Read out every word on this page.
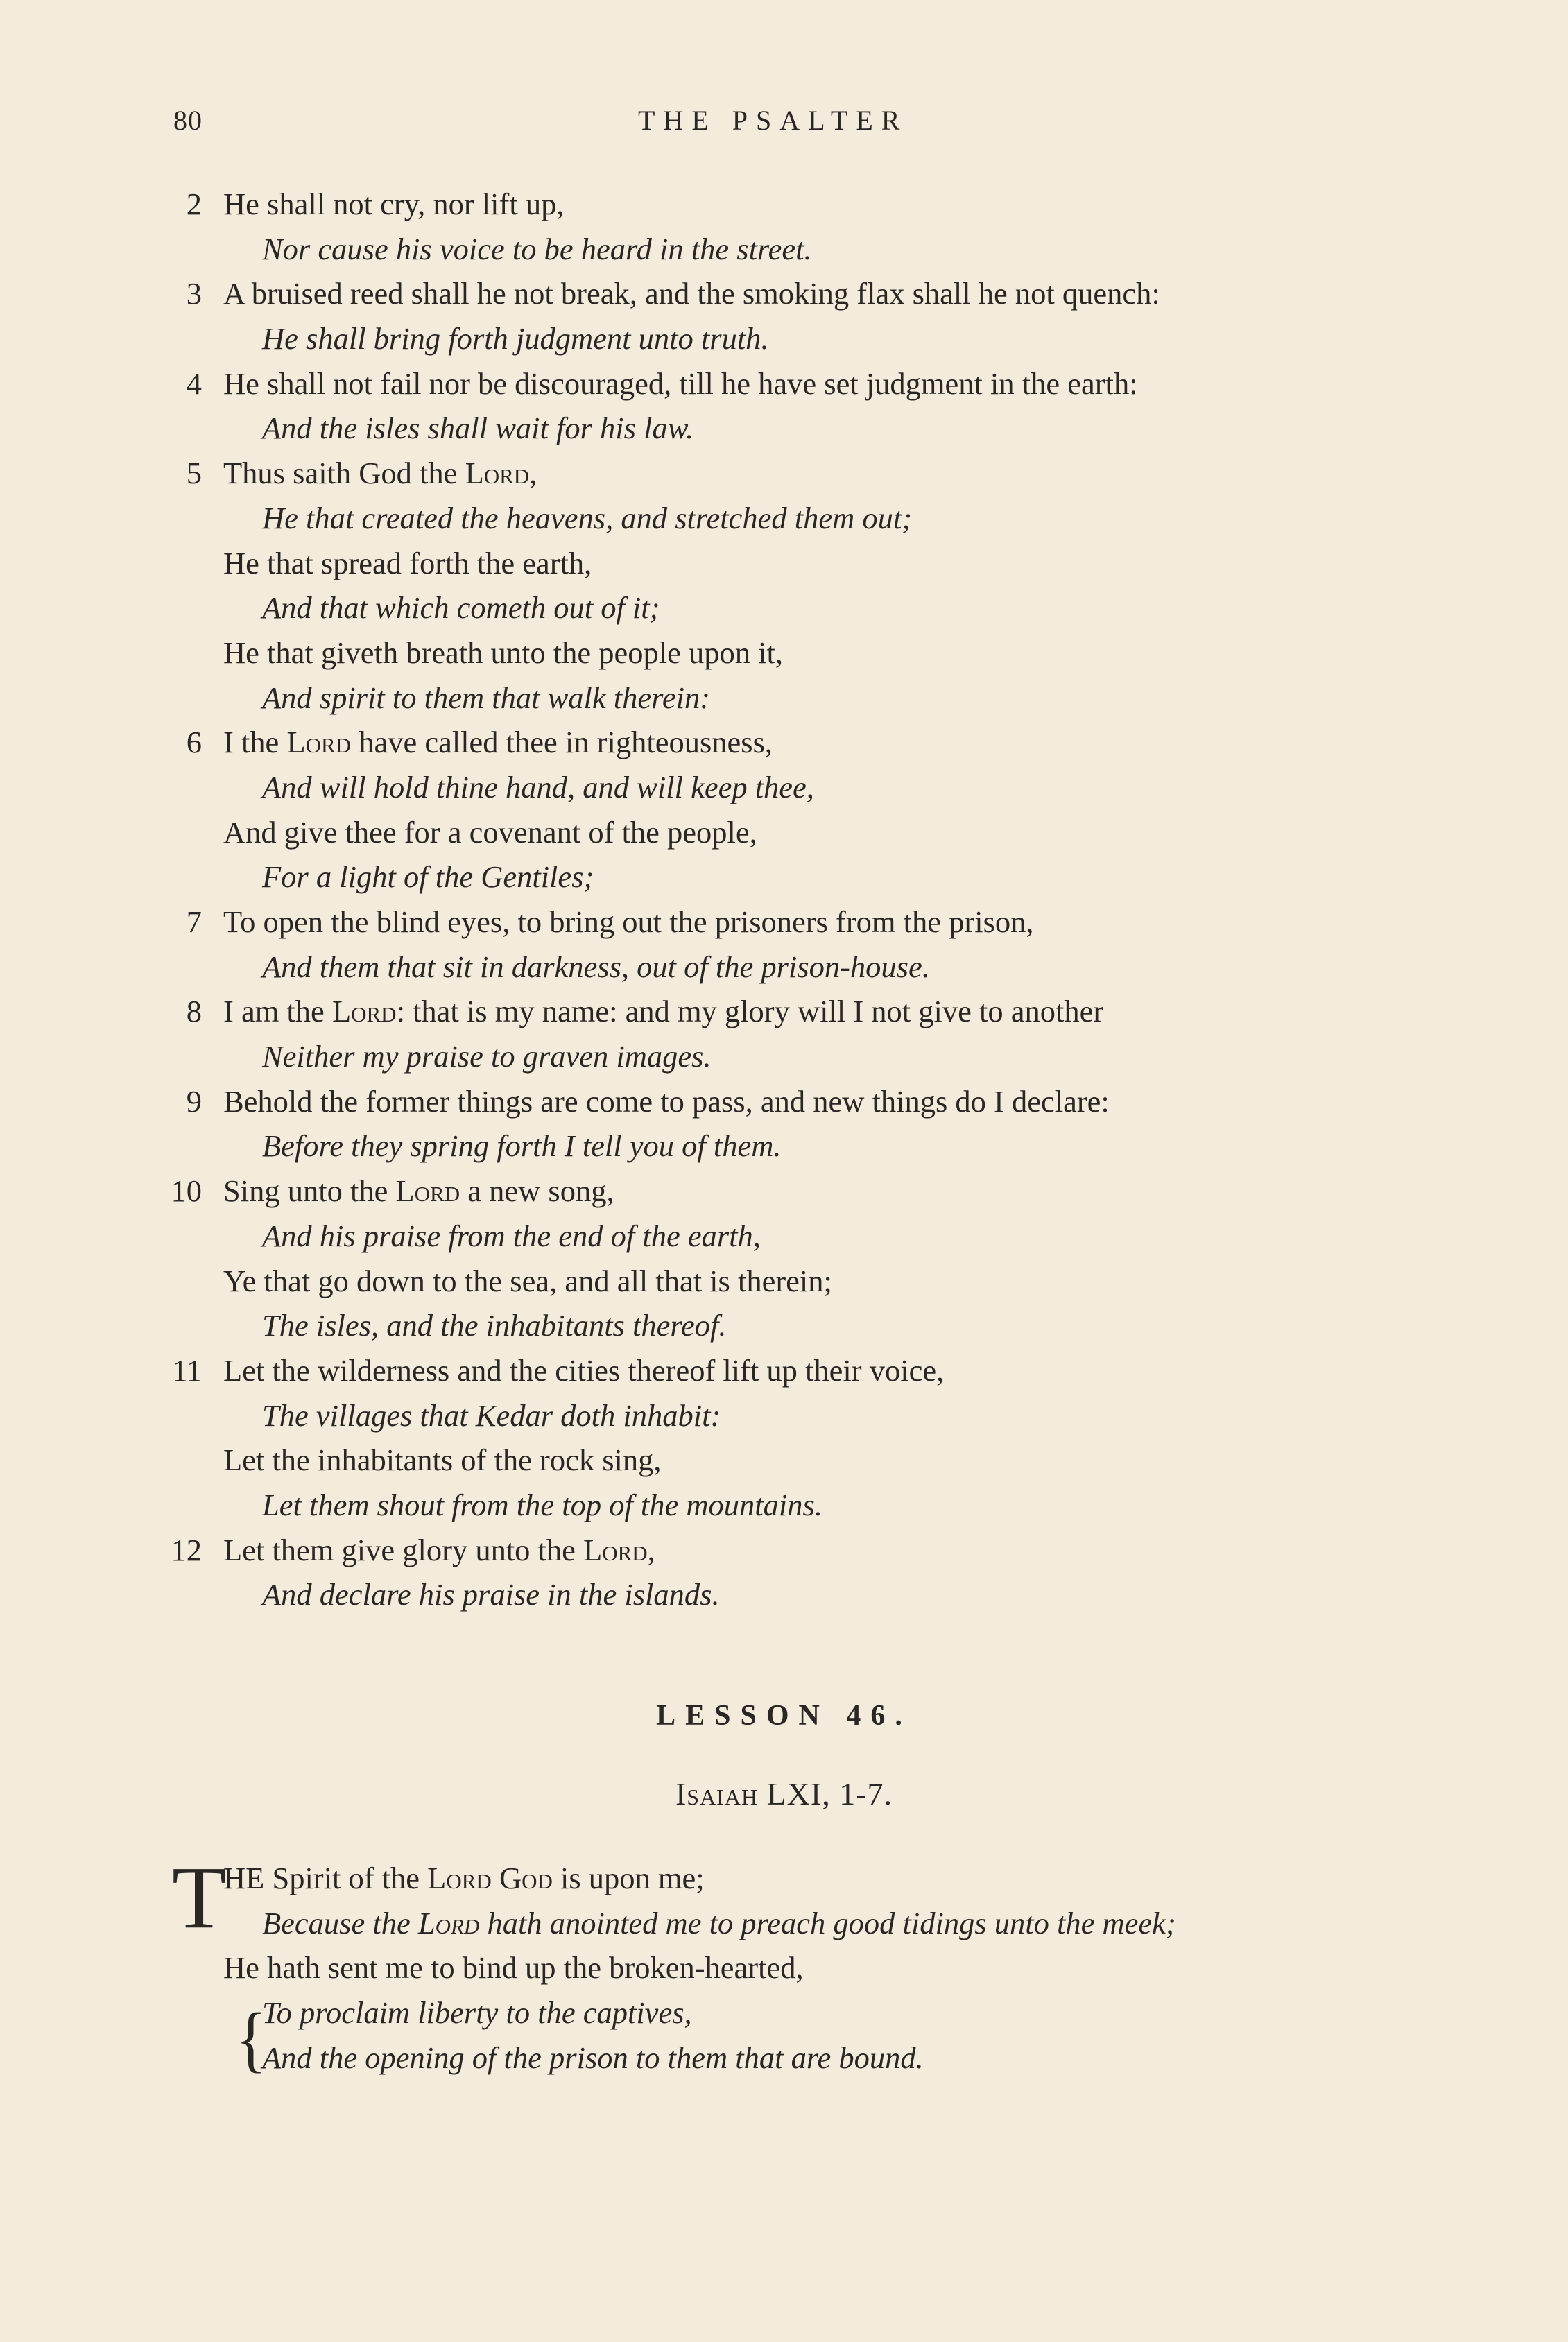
80	THE PSALTER
2 He shall not cry, nor lift up,
Nor cause his voice to be heard in the street.
3 A bruised reed shall he not break, and the smoking flax shall he not quench:
He shall bring forth judgment unto truth.
4 He shall not fail nor be discouraged, till he have set judgment in the earth:
And the isles shall wait for his law.
5 Thus saith God the Lord,
He that created the heavens, and stretched them out;
He that spread forth the earth,
And that which cometh out of it;
He that giveth breath unto the people upon it,
And spirit to them that walk therein:
6 I the Lord have called thee in righteousness,
And will hold thine hand, and will keep thee,
And give thee for a covenant of the people,
For a light of the Gentiles;
7 To open the blind eyes, to bring out the prisoners from the prison,
And them that sit in darkness, out of the prison-house.
8 I am the Lord: that is my name: and my glory will I not give to another
Neither my praise to graven images.
9 Behold the former things are come to pass, and new things do I declare:
Before they spring forth I tell you of them.
10 Sing unto the Lord a new song,
And his praise from the end of the earth,
Ye that go down to the sea, and all that is therein;
The isles, and the inhabitants thereof.
11 Let the wilderness and the cities thereof lift up their voice,
The villages that Kedar doth inhabit:
Let the inhabitants of the rock sing,
Let them shout from the top of the mountains.
12 Let them give glory unto the Lord,
And declare his praise in the islands.
LESSON 46.
Isaiah LXI, 1-7.
T
{
HE Spirit of the Lord God is upon me;
Because the Lord hath anointed me to preach good tidings unto the meek;
He hath sent me to bind up the broken-hearted,
To proclaim liberty to the captives,
And the opening of the prison to them that are bound.
